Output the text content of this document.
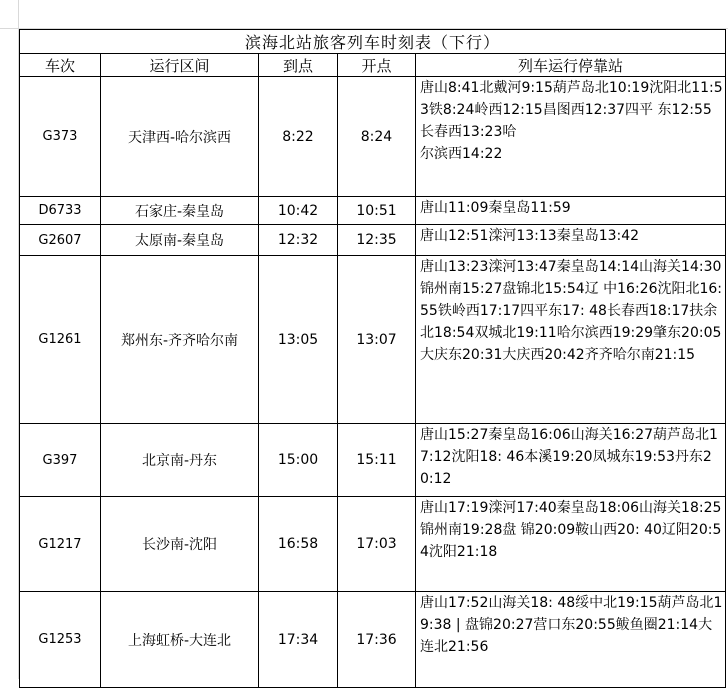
滨海北站旅客列车时刻表（下行）				
车次	运行区间	到点	开点	列车运行停靠站
G373	天津西-哈尔滨西	8:22	8:24	唐山8:41北戴河9:15葫芦岛北10:19沈阳北11:53铁8:24岭西12:15昌图西12:37四平 东12:55长春西13:23哈
尔滨西14:22
D6733	石家庄-秦皇岛	10:42	10:51	唐山11:09秦皇岛11:59
G2607	太原南-秦皇岛	12:32	12:35	唐山12:51滦河13:13秦皇岛13:42
G1261	郑州东-齐齐哈尔南	13:05	13:07	唐山13:23滦河13:47秦皇岛14:14山海关14:30锦州南15:27盘锦北15:54辽 中16:26沈阳北16:55铁岭西17:17四平东17: 48长春西18:17扶余北18:54双城北19:11哈尔滨西19:29肇东20:05大庆东20:31大庆西20:42齐齐哈尔南21:15
G397	北京南-丹东	15:00	15:11	唐山15:27秦皇岛16:06山海关16:27葫芦岛北17:12沈阳18: 46本溪19:20凤城东19:53丹东20:12
G1217	长沙南-沈阳	16:58	17:03	唐山17:19滦河17:40秦皇岛18:06山海关18:25锦州南19:28盘 锦20:09鞍山西20: 40辽阳20:54沈阳21:18
G1253	上海虹桥-大连北	17:34	17:36	唐山17:52山海关18: 48绥中北19:15葫芦岛北19:38 | 盘锦20:27营口东20:55鲅鱼圈21:14大连北21:56
